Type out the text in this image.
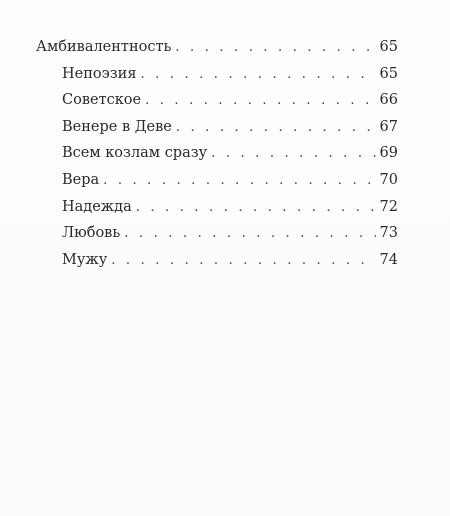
Амбивалентность . . .	65
Непоэзия . . .	65
Советское . . .	66
Венере в Деве . . .	67
Всем козлам сразу . . .	69
Вера . . .	70
Надежда . . .	72
Любовь . . .	73
Мужу . . .	74
